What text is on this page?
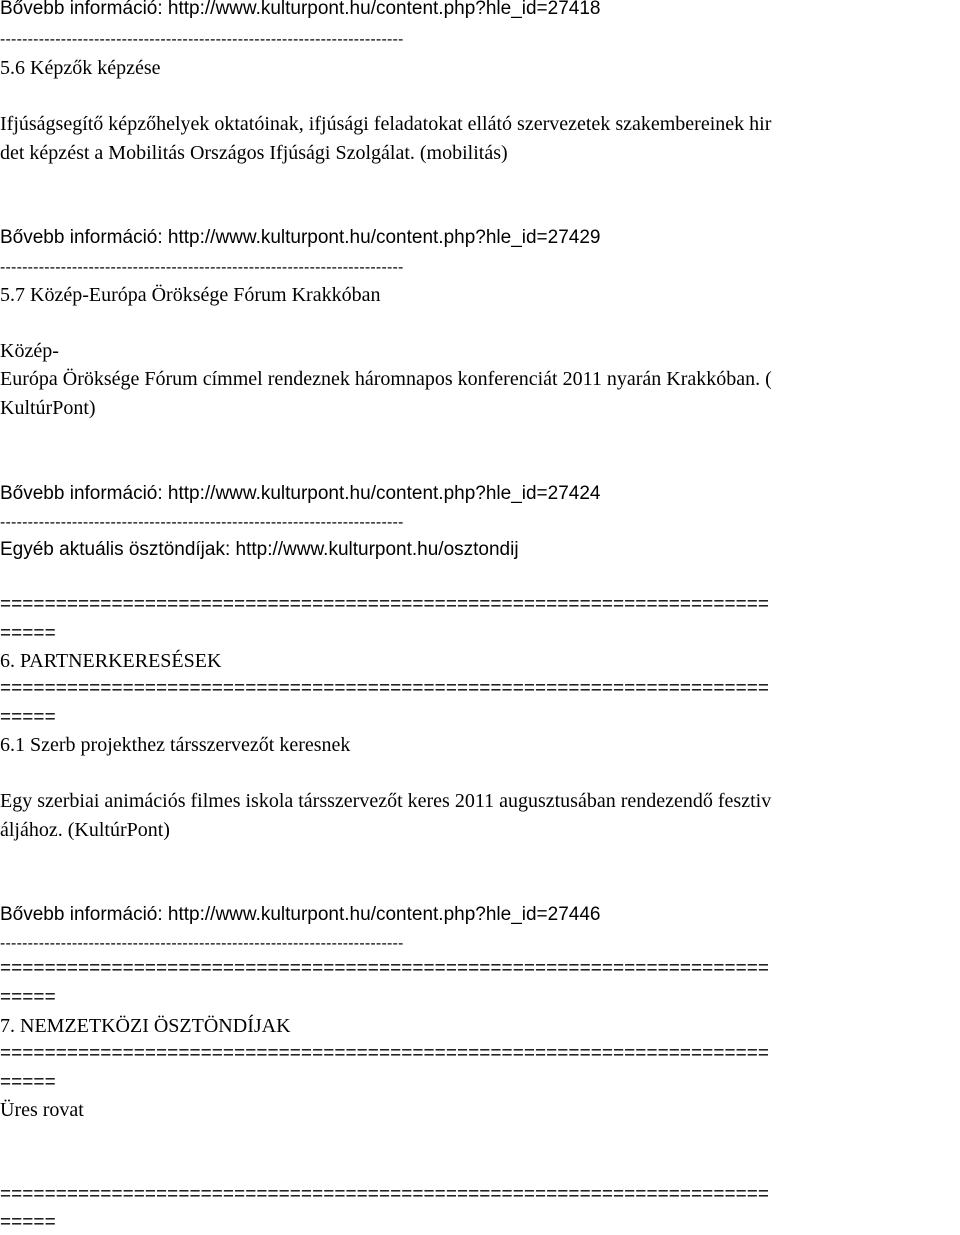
Bővebb információ: http://www.kulturpont.hu/content.php?hle_id=27418
-------------------------------------------------------------------------
5.6 Képzők képzése
Ifjúságsegítő képzőhelyek oktatóinak, ifjúsági feladatokat ellátó szervezetek szakembereinek hir
det képzést a Mobilitás Országos Ifjúsági Szolgálat. (mobilitás)
Bővebb információ: http://www.kulturpont.hu/content.php?hle_id=27429
-------------------------------------------------------------------------
5.7 Közép-Európa Öröksége Fórum Krakkóban
Közép-
Európa Öröksége Fórum címmel rendeznek háromnapos konferenciát 2011 nyarán Krakkóban. (
KultúrPont)
Bővebb információ: http://www.kulturpont.hu/content.php?hle_id=27424
-------------------------------------------------------------------------
Egyéb aktuális ösztöndíjak: http://www.kulturpont.hu/osztondij
=====================================================================
=====
6. PARTNERKERESÉSEK
=====================================================================
=====
6.1 Szerb projekthez társszervezőt keresnek
Egy szerbiai animációs filmes iskola társszervezőt keres 2011 augusztusában rendezendő fesztiv
áljához. (KultúrPont)
Bővebb információ: http://www.kulturpont.hu/content.php?hle_id=27446
-------------------------------------------------------------------------
=====================================================================
=====
7. NEMZETKÖZI ÖSZTÖNDÍJAK
=====================================================================
=====
Üres rovat
=====================================================================
=====
